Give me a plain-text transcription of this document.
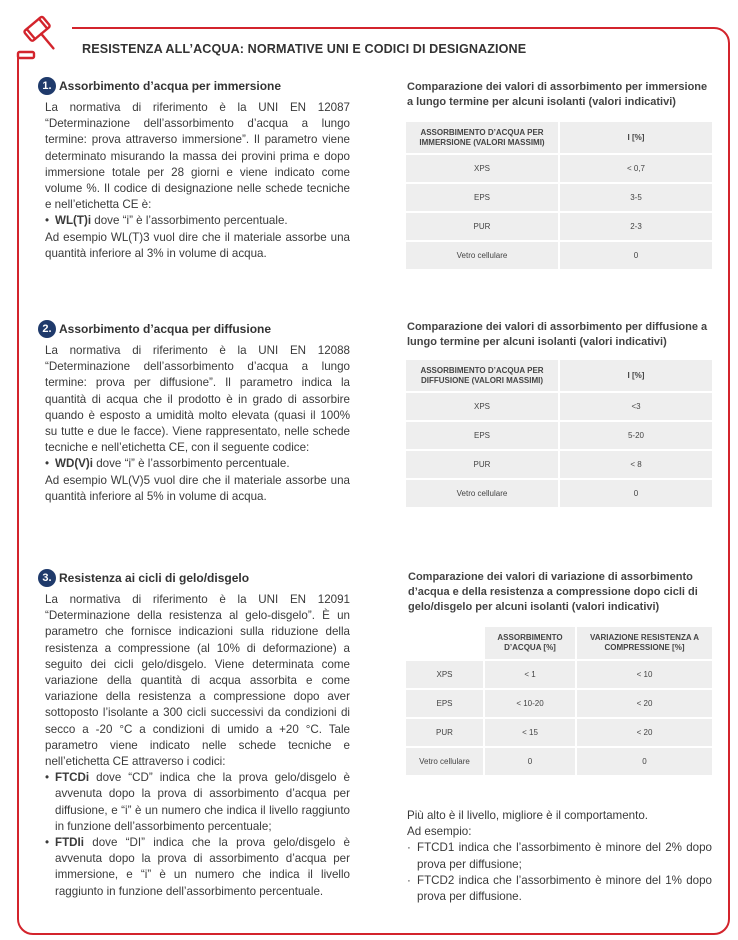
RESISTENZA ALL’ACQUA: NORMATIVE UNI E CODICI DI DESIGNAZIONE
1. Assorbimento d’acqua per immersione

La normativa di riferimento è la UNI EN 12087 “Determinazione dell’assorbimento d’acqua a lungo termine: prova attraverso immersione”. Il parametro viene determinato misurando la massa dei provini prima e dopo immersione totale per 28 giorni e viene indicato come volume %. Il codice di designazione nelle schede tecniche e nell’etichetta CE è:

• WL(T)i dove “i” è l’assorbimento percentuale.

Ad esempio WL(T)3 vuol dire che il materiale assorbe una quantità inferiore al 3% in volume di acqua.

Comparazione dei valori di assorbimento per immersione a lungo termine per alcuni isolanti (valori indicativi)
ASSORBIMENTO D’ACQUA PER IMMERSIONE (VALORI MASSIMI)	I [%]
XPS	< 0,7
EPS	3-5
PUR	2-3
Vetro cellulare	0
2. Assorbimento d’acqua per diffusione

La normativa di riferimento è la UNI EN 12088 “Determinazione dell’assorbimento d’acqua a lungo termine: prova per diffusione”. Il parametro indica la quantità di acqua che il prodotto è in grado di assorbire quando è esposto a umidità molto elevata (quasi il 100% su tutte e due le facce). Viene rappresentato, nelle schede tecniche e nell’etichetta CE, con il seguente codice:

• WD(V)i dove “i” è l’assorbimento percentuale.

Ad esempio WL(V)5 vuol dire che il materiale assorbe una quantità inferiore al 5% in volume di acqua.

Comparazione dei valori di assorbimento per diffusione a lungo termine per alcuni isolanti (valori indicativi)
ASSORBIMENTO D’ACQUA PER DIFFUSIONE (VALORI MASSIMI)	I [%]
XPS	<3
EPS	5-20
PUR	< 8
Vetro cellulare	0
3. Resistenza ai cicli di gelo/disgelo

La normativa di riferimento è la UNI EN 12091 “Determinazione della resistenza al gelo-disgelo”. È un parametro che fornisce indicazioni sulla riduzione della resistenza a compressione (al 10% di deformazione) a seguito dei cicli gelo/disgelo. Viene determinata come variazione della quantità di acqua assorbita e come variazione della resistenza a compressione dopo aver sottoposto l’isolante a 300 cicli successivi da condizioni di secco a -20 °C a condizioni di umido a +20 °C. Tale parametro viene indicato nelle schede tecniche e nell’etichetta CE attraverso i codici:

• FTCDi dove “CD” indica che la prova gelo/disgelo è avvenuta dopo la prova di assorbimento d’acqua per diffusione, e “i” è un numero che indica il livello raggiunto in funzione dell’assorbimento percentuale;
• FTDIi dove “DI” indica che la prova gelo/disgelo è avvenuta dopo la prova di assorbimento d’acqua per immersione, e “i” è un numero che indica il livello raggiunto in funzione dell’assorbimento percentuale.
Comparazione dei valori di variazione di assorbimento d’acqua e della resistenza a compressione dopo cicli di gelo/disgelo per alcuni isolanti (valori indicativi)
	ASSORBIMENTO D’ACQUA [%]	VARIAZIONE RESISTENZA A COMPRESSIONE [%]
XPS	< 1	< 10
EPS	< 10-20	< 20
PUR	< 15	< 20
Vetro cellulare	0	0

Più alto è il livello, migliore è il comportamento.

Ad esempio:

· FTCD1 indica che l’assorbimento è minore del 2% dopo prova per diffusione;
· FTCD2 indica che l’assorbimento è minore del 1% dopo prova per diffusione.
